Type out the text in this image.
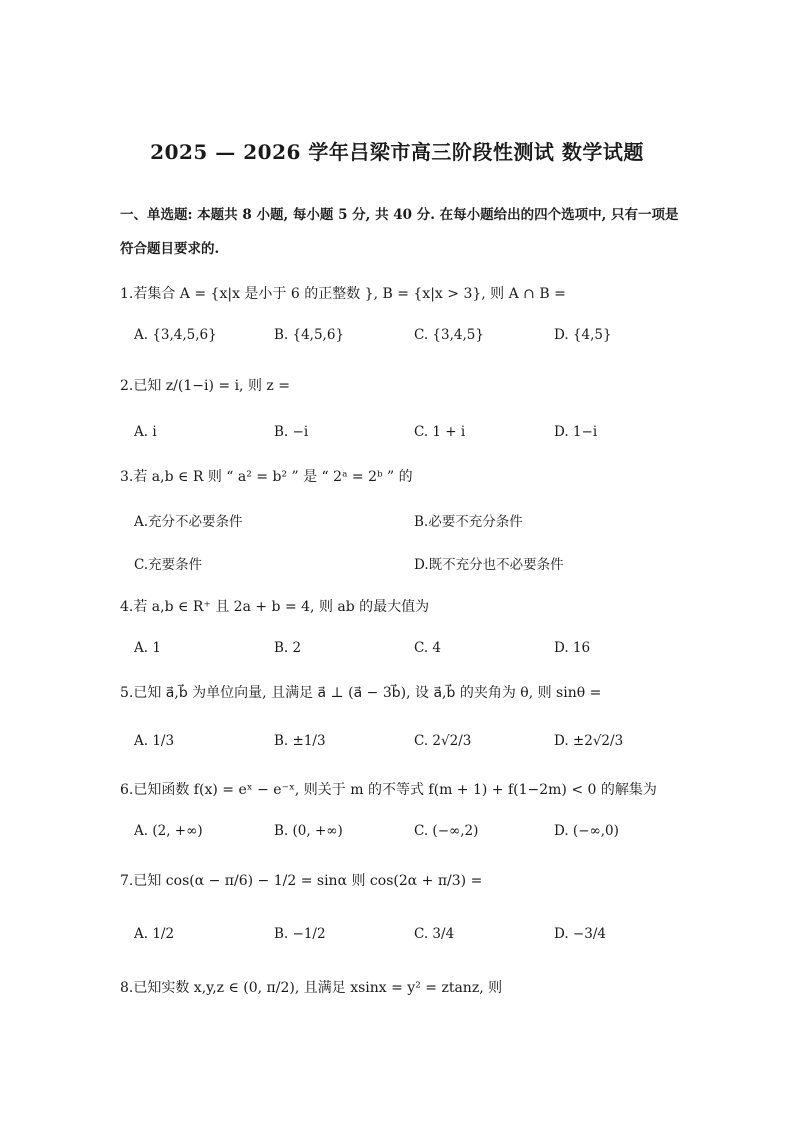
2025 — 2026 学年吕梁市高三阶段性测试 数学试题
一、单选题: 本题共 8 小题, 每小题 5 分, 共 40 分. 在每小题给出的四个选项中, 只有一项是
符合题目要求的.
1.若集合 A = {x|x 是小于 6 的正整数 }, B = {x|x > 3}, 则 A ∩ B =
A. {3,4,5,6}	B. {4,5,6}	C. {3,4,5}	D. {4,5}
2.已知 z/(1−i) = i, 则 z =
A. i	B. −i	C. 1 + i	D. 1−i
3.若 a,b ∈ R 则 “ a² = b² ” 是 “ 2ᵃ = 2ᵇ ” 的
A.充分不必要条件	B.必要不充分条件
C.充要条件	D.既不充分也不必要条件
4.若 a,b ∈ R⁺ 且 2a + b = 4, 则 ab 的最大值为
A. 1	B. 2	C. 4	D. 16
5.已知 a⃗,b⃗ 为单位向量, 且满足 a⃗ ⊥ (a⃗ − 3b⃗), 设 a⃗,b⃗ 的夹角为 θ, 则 sinθ =
A. 1/3	B. ±1/3	C. 2√2/3	D. ±2√2/3
6.已知函数 f(x) = eˣ − e⁻ˣ, 则关于 m 的不等式 f(m + 1) + f(1−2m) < 0 的解集为
A. (2, +∞)	B. (0, +∞)	C. (−∞,2)	D. (−∞,0)
7.已知 cos(α − π/6) − 1/2 = sinα 则 cos(2α + π/3) =
A. 1/2	B. −1/2	C. 3/4	D. −3/4
8.已知实数 x,y,z ∈ (0, π/2), 且满足 xsinx = y² = ztanz, 则
